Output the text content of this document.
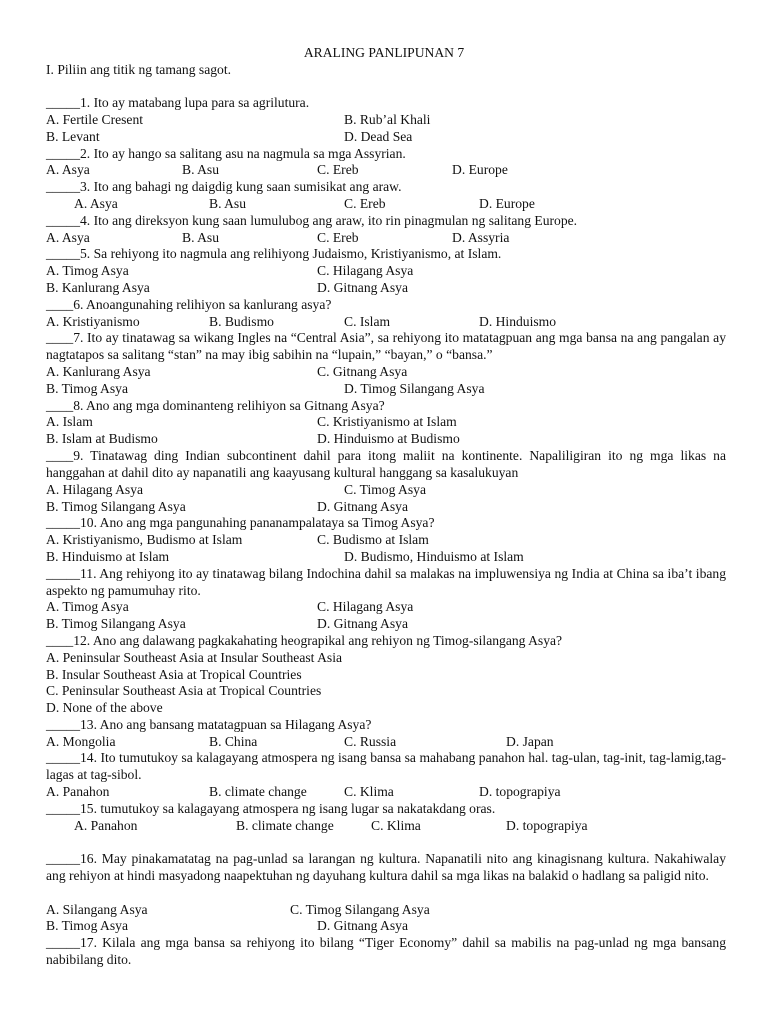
ARALING PANLIPUNAN 7
I. Piliin ang titik ng tamang sagot.
_____1. Ito ay matabang lupa para sa agrilutura.
A. Fertile Cresent	B. Rub’al Khali
B. Levant	D. Dead Sea
_____2. Ito ay hango sa salitang asu na nagmula sa mga Assyrian.
A. Asya	B. Asu	C. Ereb	D. Europe
_____3. Ito ang bahagi ng daigdig kung saan sumisikat ang araw.
A. Asya	B. Asu	C. Ereb	D. Europe
_____4. Ito ang direksyon kung saan lumulubog ang araw, ito rin pinagmulan ng salitang Europe.
A. Asya	B. Asu	C. Ereb	D. Assyria
_____5. Sa rehiyong ito nagmula ang relihiyong Judaismo, Kristiyanismo, at Islam.
A. Timog Asya	C. Hilagang Asya
B. Kanlurang Asya	D. Gitnang Asya
____6. Anoangunahing relihiyon sa kanlurang asya?
A. Kristiyanismo	B. Budismo	C. Islam	D. Hinduismo
____7. Ito ay tinatawag sa wikang Ingles na “Central Asia”, sa rehiyong ito matatagpuan ang mga bansa na ang pangalan ay nagtatapos sa salitang “stan” na may ibig sabihin na “lupain,” “bayan,” o “bansa.”
A. Kanlurang Asya	C. Gitnang Asya
B. Timog Asya	D. Timog Silangang Asya
____8. Ano ang mga dominanteng relihiyon sa Gitnang Asya?
A. Islam	C. Kristiyanismo at Islam
B. Islam at Budismo	D. Hinduismo at Budismo
____9. Tinatawag ding Indian subcontinent dahil para itong maliit na kontinente. Napaliligiran ito ng mga likas na hanggahan at dahil dito ay napanatili ang kaayusang kultural hanggang sa kasalukuyan
A. Hilagang Asya	C. Timog Asya
B. Timog Silangang Asya	D. Gitnang Asya
_____10. Ano ang mga pangunahing pananampalataya sa Timog Asya?
A. Kristiyanismo, Budismo at Islam	C. Budismo at Islam
B. Hinduismo at Islam	D. Budismo, Hinduismo at Islam
_____11. Ang rehiyong ito ay tinatawag bilang Indochina dahil sa malakas na impluwensiya ng India at China sa iba’t ibang aspekto ng pamumuhay rito.
A. Timog Asya	C. Hilagang Asya
B. Timog Silangang Asya	D. Gitnang Asya
____12. Ano ang dalawang pagkakahating heograpikal ang rehiyon ng Timog-silangang Asya?
A. Peninsular Southeast Asia at Insular Southeast Asia
B. Insular Southeast Asia at Tropical Countries
C. Peninsular Southeast Asia at Tropical Countries
D. None of the above
_____13. Ano ang bansang matatagpuan sa Hilagang Asya?
A. Mongolia	B. China	C. Russia	D. Japan
_____14. Ito tumutukoy sa kalagayang atmospera ng isang bansa sa mahabang panahon hal. tag-ulan, tag-init, tag-lamig,tag-lagas at tag-sibol.
A. Panahon	B. climate change	C. Klima	D. topograpiya
_____15. tumutukoy sa kalagayang atmospera ng isang lugar sa nakatakdang oras.
A. Panahon	B. climate change	C. Klima	D. topograpiya
_____16. May pinakamatatag na pag-unlad sa larangan ng kultura. Napanatili nito ang kinagisnang kultura. Nakahiwalay ang rehiyon at hindi masyadong naapektuhan ng dayuhang kultura dahil sa mga likas na balakid o hadlang sa paligid nito.
A. Silangang Asya	C. Timog Silangang Asya
B. Timog Asya	D. Gitnang Asya
_____17. Kilala ang mga bansa sa rehiyong ito bilang “Tiger Economy” dahil sa mabilis na pag-unlad ng mga bansang nabibilang dito.
